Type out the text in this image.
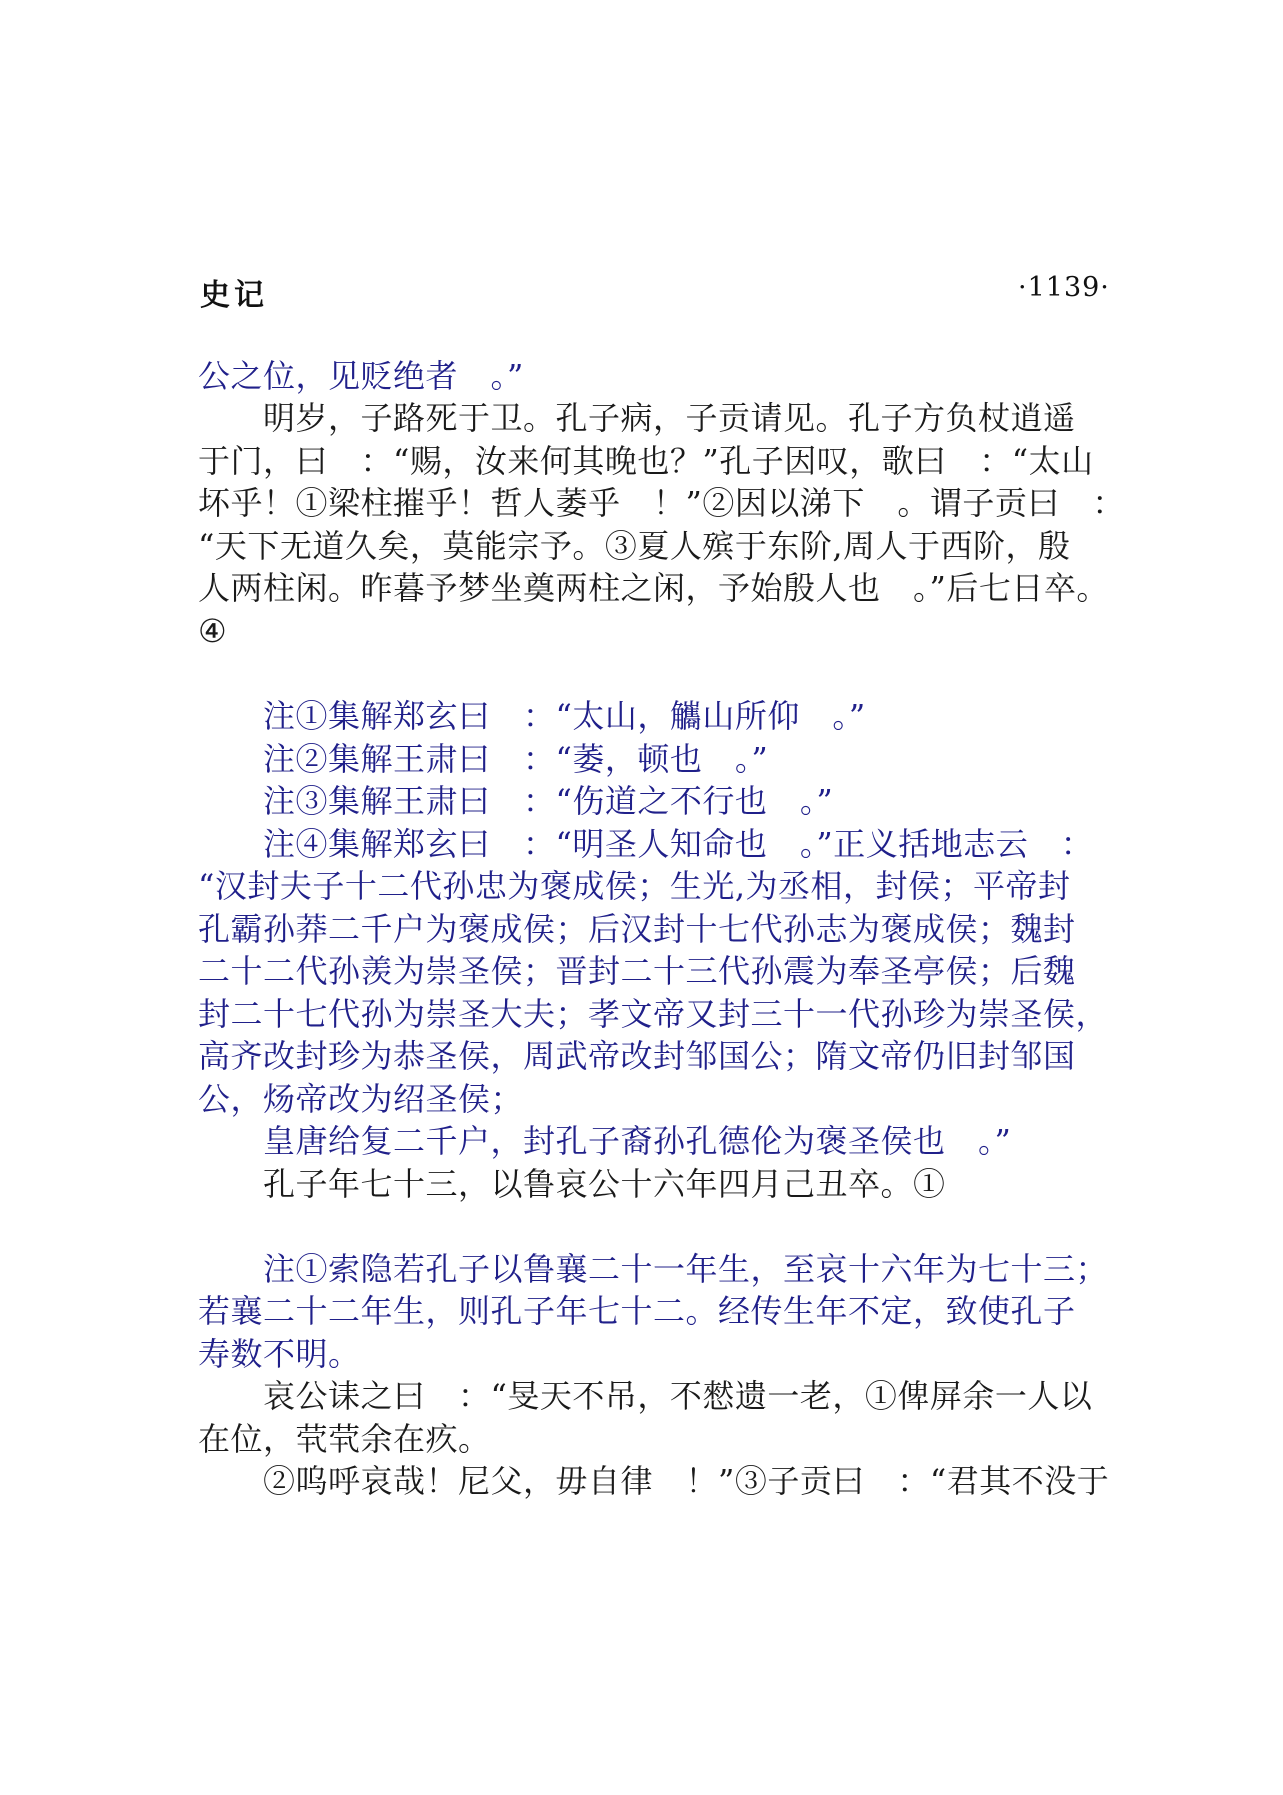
史记	·1139·
公之位，见贬绝者　。”
　　明岁，子路死于卫。孔子病，子贡请见。孔子方负杖逍遥
于门，曰　：“赐，汝来何其晚也？”孔子因叹，歌曰　：“太山
坏乎！①梁柱摧乎！哲人萎乎　！”②因以涕下　。谓子贡曰　：
“天下无道久矣，莫能宗予。③夏人殡于东阶,周人于西阶，殷
人两柱闲。昨暮予梦坐奠两柱之闲，予始殷人也　。”后七日卒。
④
　　注①集解郑玄曰　：“太山，觿山所仰　。”
　　注②集解王肃曰　：“萎，顿也　。”
　　注③集解王肃曰　：“伤道之不行也　。”
　　注④集解郑玄曰　：“明圣人知命也　。”正义括地志云　：
“汉封夫子十二代孙忠为褒成侯；生光,为丞相，封侯；平帝封
孔霸孙莽二千户为褒成侯；后汉封十七代孙志为褒成侯；魏封
二十二代孙羡为崇圣侯；晋封二十三代孙震为奉圣亭侯；后魏
封二十七代孙为崇圣大夫；孝文帝又封三十一代孙珍为崇圣侯，
高齐改封珍为恭圣侯，周武帝改封邹国公；隋文帝仍旧封邹国
公，炀帝改为绍圣侯；
　　皇唐给复二千户，封孔子裔孙孔德伦为褒圣侯也　。”
　　孔子年七十三，以鲁哀公十六年四月己丑卒。①
　　注①索隐若孔子以鲁襄二十一年生，至哀十六年为七十三；
若襄二十二年生，则孔子年七十二。经传生年不定，致使孔子
寿数不明。
　　哀公诔之曰　：“旻天不吊，不憖遗一老，①俾屏余一人以
在位，茕茕余在疚。
　　②呜呼哀哉！尼父，毋自律　！”③子贡曰　：“君其不没于
